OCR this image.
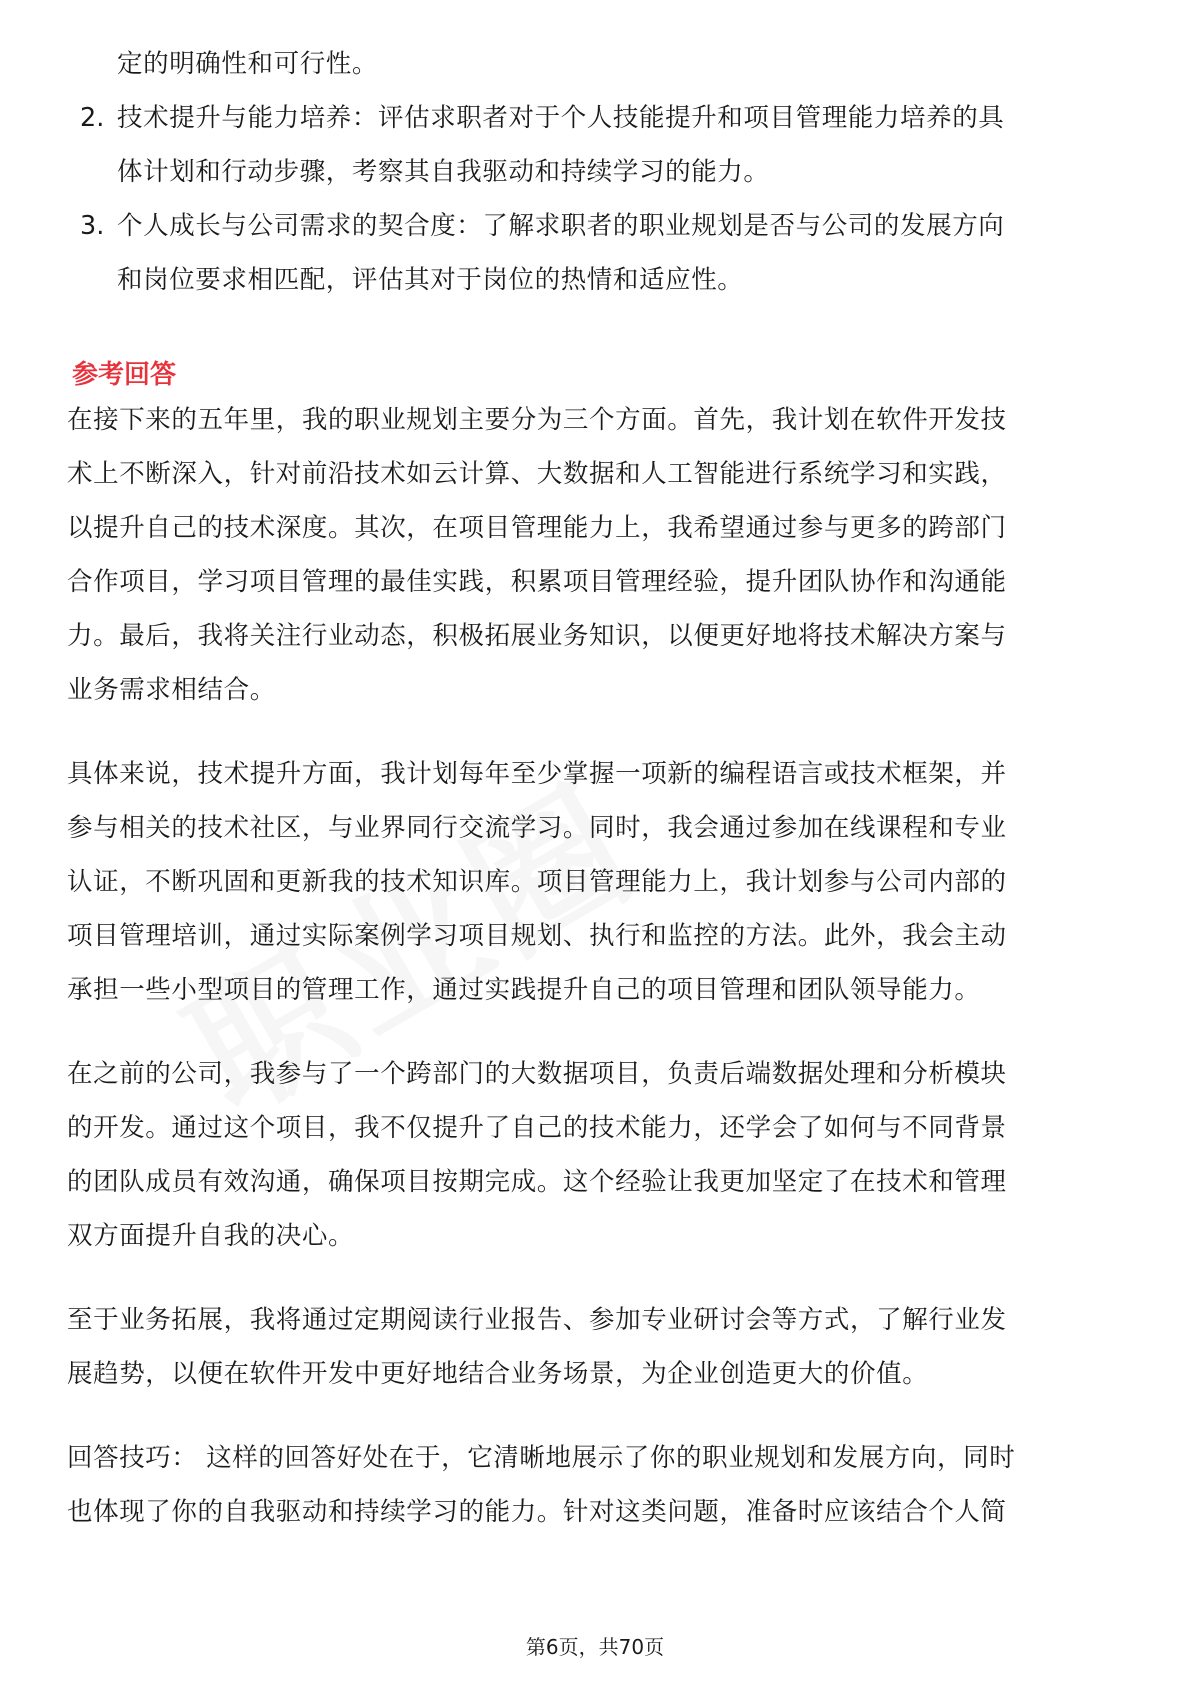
定的明确性和可行性。
2. 技术提升与能力培养：评估求职者对于个人技能提升和项目管理能力培养的具
体计划和行动步骤，考察其自我驱动和持续学习的能力。
3. 个人成长与公司需求的契合度：了解求职者的职业规划是否与公司的发展方向
和岗位要求相匹配，评估其对于岗位的热情和适应性。
参考回答
在接下来的五年里，我的职业规划主要分为三个方面。首先，我计划在软件开发技
术上不断深入，针对前沿技术如云计算、大数据和人工智能进行系统学习和实践，
以提升自己的技术深度。其次，在项目管理能力上，我希望通过参与更多的跨部门
合作项目，学习项目管理的最佳实践，积累项目管理经验，提升团队协作和沟通能
力。最后，我将关注行业动态，积极拓展业务知识，以便更好地将技术解决方案与
业务需求相结合。
具体来说，技术提升方面，我计划每年至少掌握一项新的编程语言或技术框架，并
参与相关的技术社区，与业界同行交流学习。同时，我会通过参加在线课程和专业
认证，不断巩固和更新我的技术知识库。项目管理能力上，我计划参与公司内部的
项目管理培训，通过实际案例学习项目规划、执行和监控的方法。此外，我会主动
承担一些小型项目的管理工作，通过实践提升自己的项目管理和团队领导能力。
在之前的公司，我参与了一个跨部门的大数据项目，负责后端数据处理和分析模块
的开发。通过这个项目，我不仅提升了自己的技术能力，还学会了如何与不同背景
的团队成员有效沟通，确保项目按期完成。这个经验让我更加坚定了在技术和管理
双方面提升自我的决心。
至于业务拓展，我将通过定期阅读行业报告、参加专业研讨会等方式，了解行业发
展趋势，以便在软件开发中更好地结合业务场景，为企业创造更大的价值。
回答技巧： 这样的回答好处在于，它清晰地展示了你的职业规划和发展方向，同时
也体现了你的自我驱动和持续学习的能力。针对这类问题，准备时应该结合个人简
第6页，共70页
